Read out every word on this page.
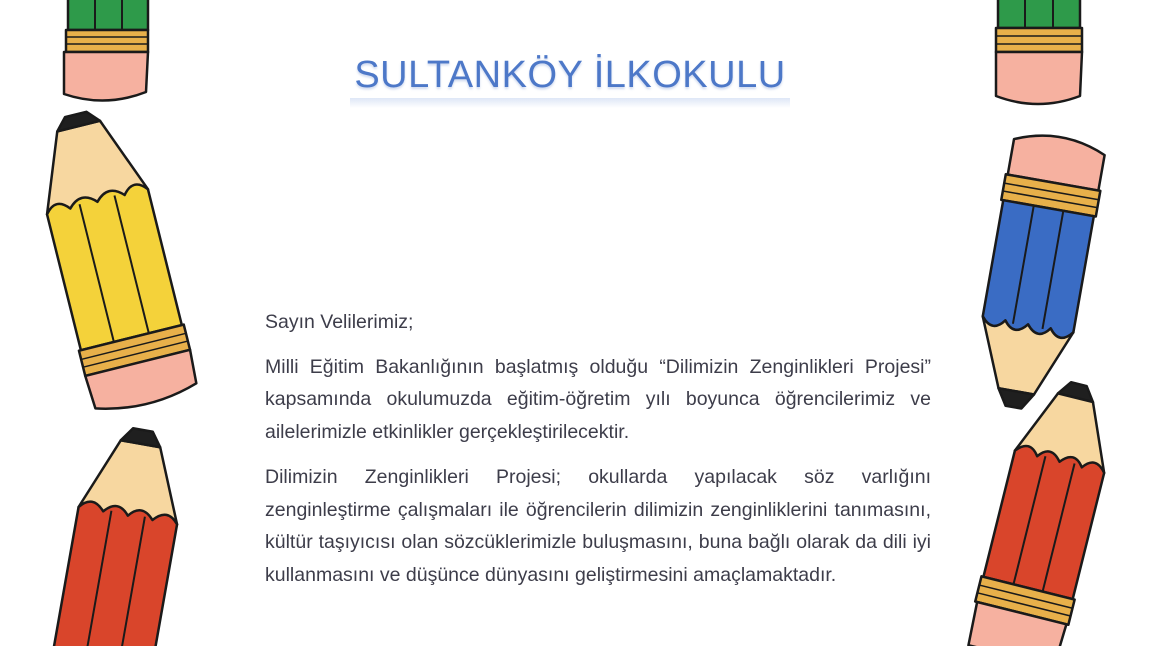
SULTANKÖY İLKOKULU

Sayın Velilerimiz;

Milli Eğitim Bakanlığının başlatmış olduğu “Dilimizin Zenginlikleri Projesi” kapsamında okulumuzda eğitim-öğretim yılı boyunca öğrencilerimiz ve ailelerimizle etkinlikler gerçekleştirilecektir.

Dilimizin Zenginlikleri Projesi; okullarda yapılacak söz varlığını zenginleştirme çalışmaları ile öğrencilerin dilimizin zenginliklerini tanımasını, kültür taşıyıcısı olan sözcüklerimizle buluşmasını, buna bağlı olarak da dili iyi kullanmasını ve düşünce dünyasını geliştirmesini amaçlamaktadır.
